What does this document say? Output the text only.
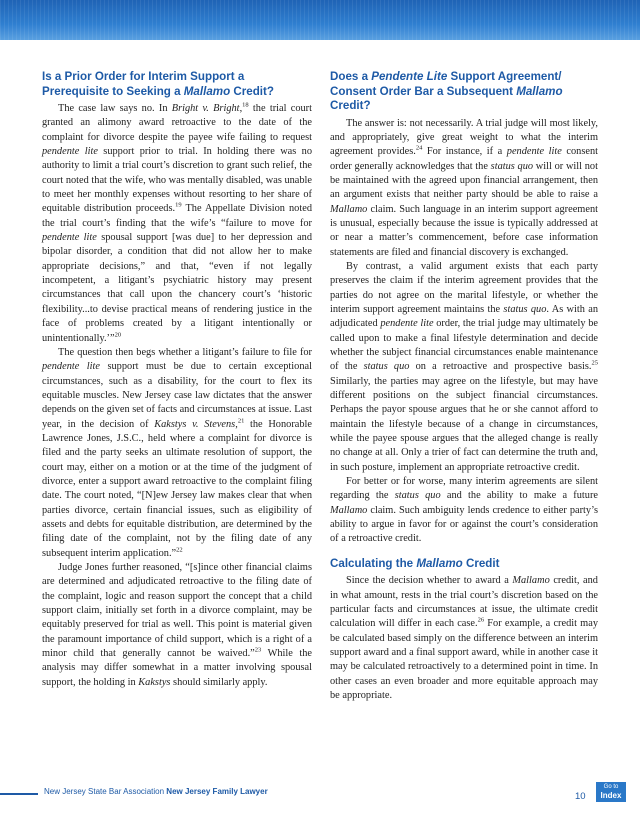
Is a Prior Order for Interim Support a Prerequisite to Seeking a Mallamo Credit?

The case law says no. In Bright v. Bright,$^{18}$ the trial court granted an alimony award retroactive to the date of the complaint for divorce despite the payee wife failing to request pendente lite support prior to trial. In holding there was no authority to limit a trial court’s discretion to grant such relief, the court noted that the wife, who was mentally disabled, was unable to meet her monthly expenses without resorting to her share of equitable distribution proceeds.$^{19}$ The Appellate Division noted the trial court’s finding that the wife’s “failure to move for pendente lite spousal support [was due] to her depression and bipolar disorder, a condition that did not allow her to make appropriate decisions,” and that, “even if not legally incompetent, a litigant’s psychiatric history may present circumstances that call upon the chancery court’s ‘historic flexibility...to devise practical means of rendering justice in the face of problems created by a litigant intentionally or unintentionally.’”$^{20}$

The question then begs whether a litigant’s failure to file for pendente lite support must be due to certain exceptional circumstances, such as a disability, for the court to flex its equitable muscles. New Jersey case law dictates that the answer depends on the given set of facts and circumstances at issue. Last year, in the decision of Kakstys v. Stevens,$^{21}$ the Honorable Lawrence Jones, J.S.C., held where a complaint for divorce is filed and the party seeks an ultimate resolution of support, the court may, either on a motion or at the time of the judgment of divorce, enter a support award retroactive to the complaint filing date. The court noted, “[N]ew Jersey law makes clear that when parties divorce, certain financial issues, such as eligibility of assets and debts for equitable distribution, are determined by the filing date of the complaint, not by the filing date of any subsequent interim application.”$^{22}$

Judge Jones further reasoned, “[s]ince other financial claims are determined and adjudicated retroactive to the filing date of the complaint, logic and reason support the concept that a child support claim, initially set forth in a divorce complaint, may be equitably preserved for trial as well. This point is material given the paramount importance of child support, which is a right of a minor child that generally cannot be waived.”$^{23}$ While the analysis may differ somewhat in a matter involving spousal support, the holding in Kakstys should similarly apply.

Does a Pendente Lite Support Agreement/ Consent Order Bar a Subsequent Mallamo Credit?

The answer is: not necessarily. A trial judge will most likely, and appropriately, give great weight to what the interim agreement provides.$^{24}$ For instance, if a pendente lite consent order generally acknowledges that the status quo will or will not be maintained with the agreed upon financial arrangement, then an argument exists that neither party should be able to raise a Mallamo claim. Such language in an interim support agreement is unusual, especially because the issue is typically addressed at or near a matter’s commencement, before case information statements are filed and financial discovery is exchanged.

By contrast, a valid argument exists that each party preserves the claim if the interim agreement provides that the parties do not agree on the marital lifestyle, or whether the interim support agreement maintains the status quo. As with an adjudicated pendente lite order, the trial judge may ultimately be called upon to make a final lifestyle determination and decide whether the subject financial circumstances enable maintenance of the status quo on a retroactive and prospective basis.$^{25}$ Similarly, the parties may agree on the lifestyle, but may have different positions on the subject financial circumstances. Perhaps the payor spouse argues that he or she cannot afford to maintain the lifestyle because of a change in circumstances, while the payee spouse argues that the alleged change is really no change at all. Only a trier of fact can determine the truth and, in such posture, implement an appropriate retroactive credit.

For better or for worse, many interim agreements are silent regarding the status quo and the ability to make a future Mallamo claim. Such ambiguity lends credence to either party’s ability to argue in favor for or against the court’s consideration of a retroactive credit.

Calculating the Mallamo Credit

Since the decision whether to award a Mallamo credit, and in what amount, rests in the trial court’s discretion based on the particular facts and circumstances at issue, the ultimate credit calculation will differ in each case.$^{26}$ For example, a credit may be calculated based simply on the difference between an interim support award and a final support award, while in another case it may be calculated retroactively to a determined point in time. In other cases an even broader and more equitable approach may be appropriate.

New Jersey State Bar Association New Jersey Family Lawyer	10
Go to
Index
